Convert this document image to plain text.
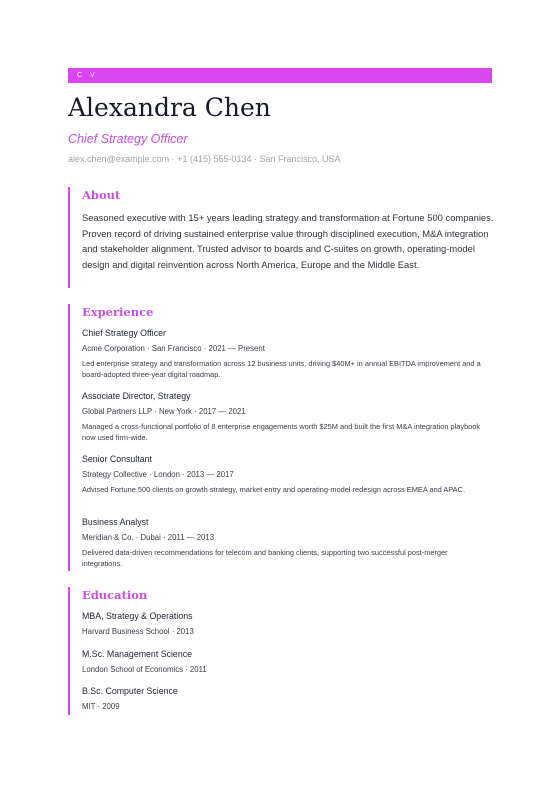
C V
Alexandra Chen
Chief Strategy Officer
alex.chen@example.com · +1 (415) 555-0134 · San Francisco, USA
About
Seasoned executive with 15+ years leading strategy and transformation at Fortune 500 companies. Proven record of driving sustained enterprise value through disciplined execution, M&A integration and stakeholder alignment. Trusted advisor to boards and C-suites on growth, operating-model design and digital reinvention across North America, Europe and the Middle East.
Experience
Chief Strategy Officer
Acme Corporation · San Francisco · 2021 — Present
Led enterprise strategy and transformation across 12 business units, driving $40M+ in annual EBITDA improvement and a board-adopted three-year digital roadmap.
Associate Director, Strategy
Global Partners LLP · New York · 2017 — 2021
Managed a cross-functional portfolio of 8 enterprise engagements worth $25M and built the first M&A integration playbook now used firm-wide.
Senior Consultant
Strategy Collective · London · 2013 — 2017
Advised Fortune 500 clients on growth strategy, market entry and operating-model redesign across EMEA and APAC.
Business Analyst
Meridian & Co. · Dubai · 2011 — 2013
Delivered data-driven recommendations for telecom and banking clients, supporting two successful post-merger integrations.
Education
MBA, Strategy & Operations
Harvard Business School · 2013
M.Sc. Management Science
London School of Economics · 2011
B.Sc. Computer Science
MIT · 2009
